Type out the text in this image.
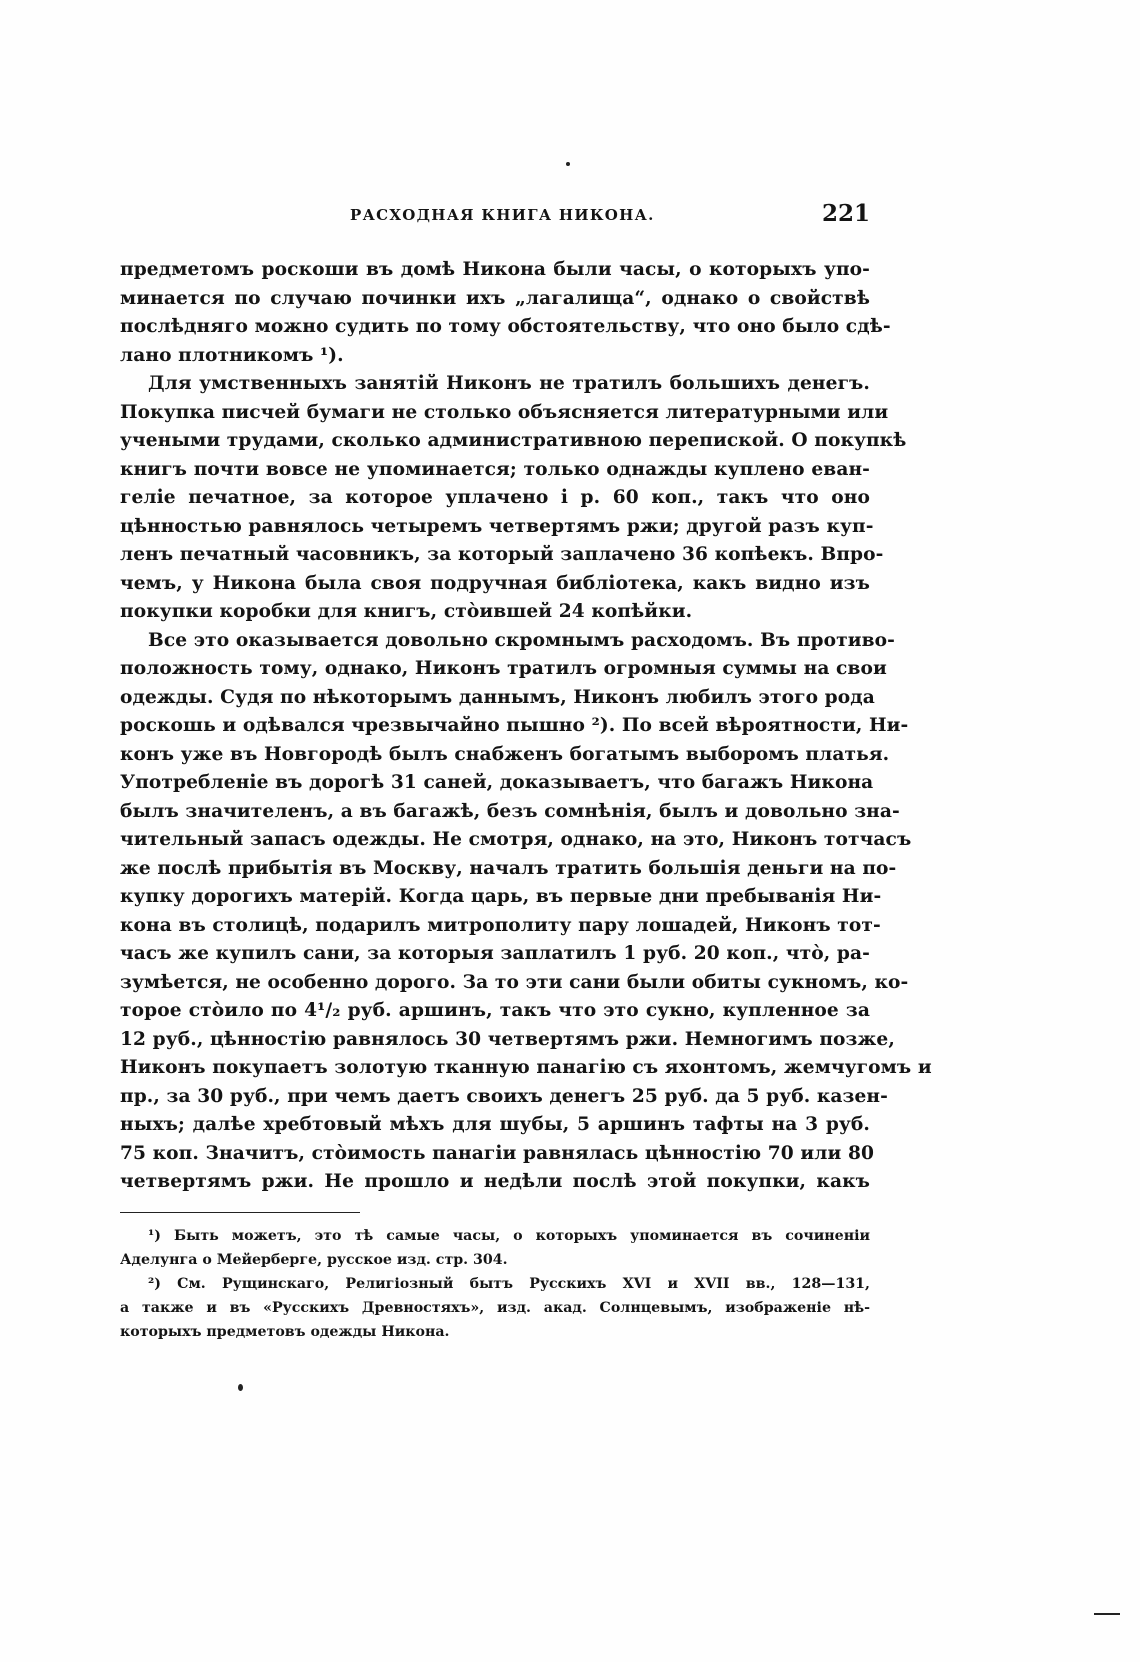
РАСХОДНАЯ КНИГА НИКОНА.	221
предметомъ роскоши въ домѣ Никона были часы, о которыхъ упо-
минается по случаю починки ихъ „лагалища“, однако о свойствѣ
послѣдняго можно судить по тому обстоятельству, что оно было сдѣ-
лано плотникомъ ¹).
Для умственныхъ занятій Никонъ не тратилъ большихъ денегъ.
Покупка писчей бумаги не столько объясняется литературными или
учеными трудами, сколько административною перепиской. О покупкѣ
книгъ почти вовсе не упоминается; только однажды куплено еван-
геліе печатное, за которое уплачено і р. 60 коп., такъ что оно
цѣнностью равнялось четыремъ четвертямъ ржи; другой разъ куп-
ленъ печатный часовникъ, за который заплачено 36 копѣекъ. Впро-
чемъ, у Никона была своя подручная библіотека, какъ видно изъ
покупки коробки для книгъ, стòившей 24 копѣйки.
Все это оказывается довольно скромнымъ расходомъ. Въ противо-
положность тому, однако, Никонъ тратилъ огромныя суммы на свои
одежды. Судя по нѣкоторымъ даннымъ, Никонъ любилъ этого рода
роскошь и одѣвался чрезвычайно пышно ²). По всей вѣроятности, Ни-
конъ уже въ Новгородѣ былъ снабженъ богатымъ выборомъ платья.
Употребленіе въ дорогѣ 31 саней, доказываетъ, что багажъ Никона
былъ значителенъ, а въ багажѣ, безъ сомнѣнія, былъ и довольно зна-
чительный запасъ одежды. Не смотря, однако, на это, Никонъ тотчасъ
же послѣ прибытія въ Москву, началъ тратить большія деньги на по-
купку дорогихъ матерій. Когда царь, въ первые дни пребыванія Ни-
кона въ столицѣ, подарилъ митрополиту пару лошадей, Никонъ тот-
часъ же купилъ сани, за которыя заплатилъ 1 руб. 20 коп., чтò, ра-
зумѣется, не особенно дорого. За то эти сани были обиты сукномъ, ко-
торое стòило по 4¹/₂ руб. аршинъ, такъ что это сукно, купленное за
12 руб., цѣнностію равнялось 30 четвертямъ ржи. Немногимъ позже,
Никонъ покупаетъ золотую тканную панагію съ яхонтомъ, жемчугомъ и
пр., за 30 руб., при чемъ даетъ своихъ денегъ 25 руб. да 5 руб. казен-
ныхъ; далѣе хребтовый мѣхъ для шубы, 5 аршинъ тафты на 3 руб.
75 коп. Значитъ, стòимость панагіи равнялась цѣнностію 70 или 80
четвертямъ ржи. Не прошло и недѣли послѣ этой покупки, какъ
¹) Быть можетъ, это тѣ самые часы, о которыхъ упоминается въ сочиненіи
Аделунга о Мейерберге, русское изд. стр. 304.
²) См. Рущинскаго, Религіозный бытъ Русскихъ XVI и XVII вв., 128—131,
а также и въ «Русскихъ Древностяхъ», изд. акад. Солнцевымъ, изображеніе нѣ-
которыхъ предметовъ одежды Никона.
